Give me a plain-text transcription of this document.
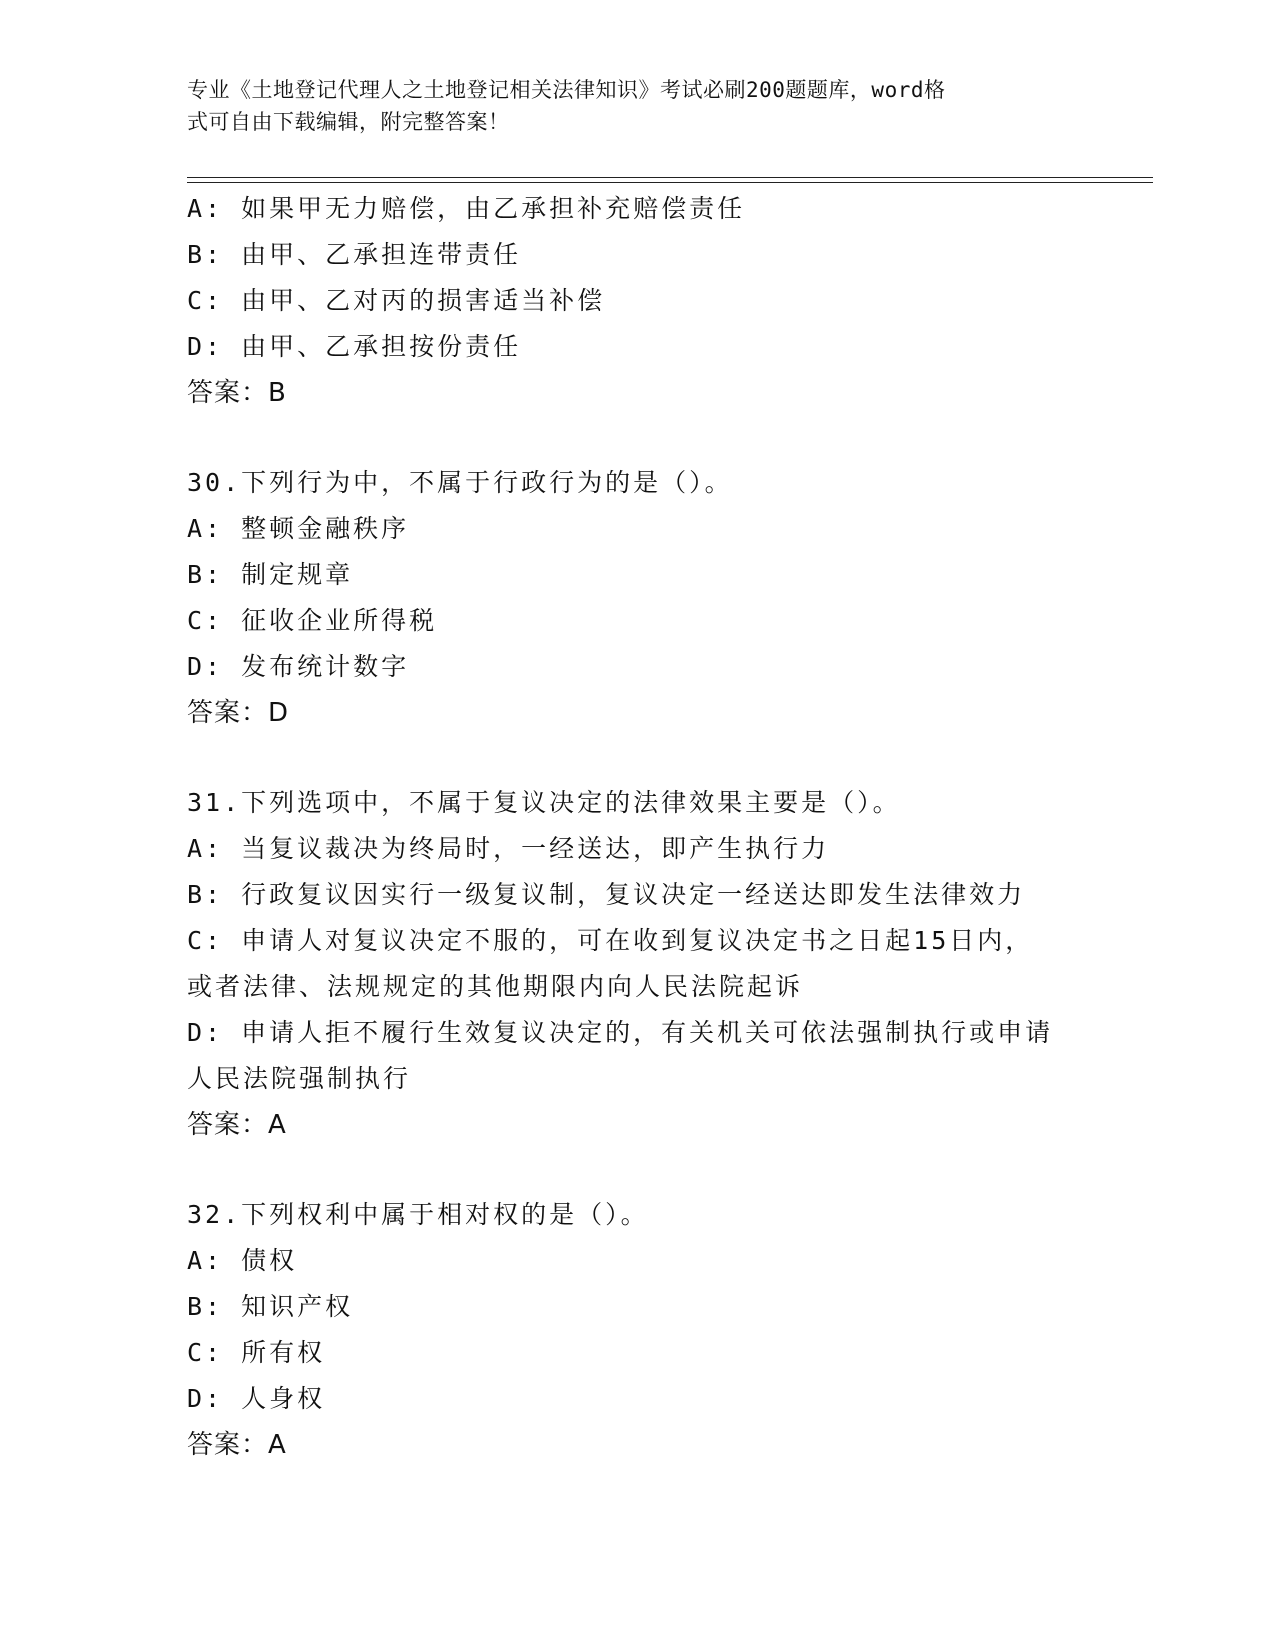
专业《土地登记代理人之土地登记相关法律知识》考试必刷200题题库，word格

式可自由下载编辑，附完整答案！

A: 如果甲无力赔偿，由乙承担补充赔偿责任

B: 由甲、乙承担连带责任

C: 由甲、乙对丙的损害适当补偿

D: 由甲、乙承担按份责任

答案：B

30.下列行为中，不属于行政行为的是（）。

A: 整顿金融秩序

B: 制定规章

C: 征收企业所得税

D: 发布统计数字

答案：D

31.下列选项中，不属于复议决定的法律效果主要是（）。

A: 当复议裁决为终局时，一经送达，即产生执行力

B: 行政复议因实行一级复议制，复议决定一经送达即发生法律效力

C: 申请人对复议决定不服的，可在收到复议决定书之日起15日内，或者法律、法规规定的其他期限内向人民法院起诉

D: 申请人拒不履行生效复议决定的，有关机关可依法强制执行或申请人民法院强制执行

答案：A

32.下列权利中属于相对权的是（）。

A: 债权

B: 知识产权

C: 所有权

D: 人身权

答案：A
